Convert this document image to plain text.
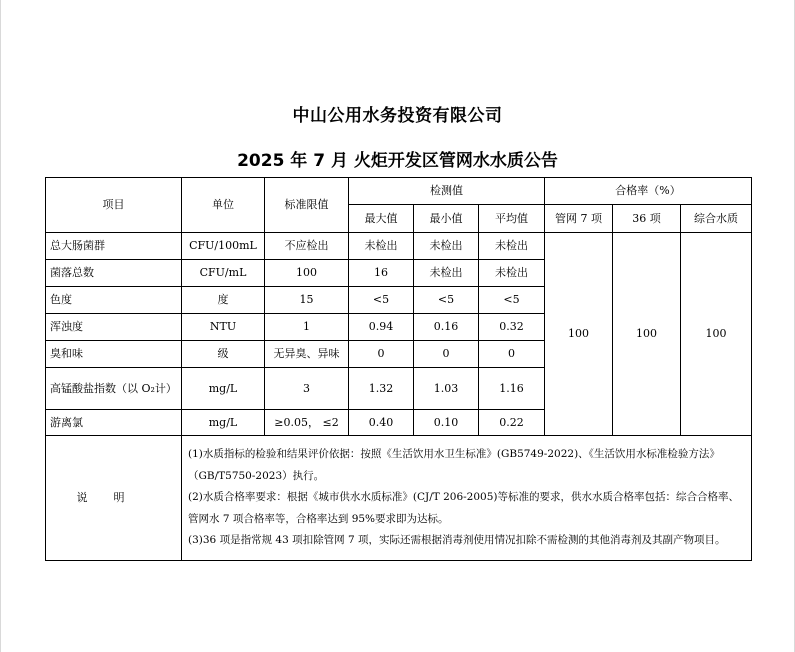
中山公用水务投资有限公司
2025 年 7 月 火炬开发区管网水水质公告
项目	单位	标准限值	检测值			合格率（%）		
			最大值	最小值	平均值	管网 7 项	36 项	综合水质
总大肠菌群	CFU/100mL	不应检出	未检出	未检出	未检出	100	100	100
菌落总数	CFU/mL	100	16	未检出	未检出			
色度	度	15	<5	<5	<5			
浑浊度	NTU	1	0.94	0.16	0.32			
臭和味	级	无异臭、异味	0	0	0			
高锰酸盐指数（以 O₂计）	mg/L	3	1.32	1.03	1.16			
游离氯	mg/L	≥0.05， ≤2	0.40	0.10	0.22			
说明	(1)水质指标的检验和结果评价依据：按照《生活饮用水卫生标准》(GB5749-2022)、《生活饮用水标准检验方法》（GB/T5750-2023）执行。
(2)水质合格率要求：根据《城市供水水质标准》(CJ/T 206-2005)等标准的要求，供水水质合格率包括：综合合格率、管网水 7 项合格率等，合格率达到 95%要求即为达标。
(3)36 项是指常规 43 项扣除管网 7 项，实际还需根据消毒剂使用情况扣除不需检测的其他消毒剂及其副产物项目。							
